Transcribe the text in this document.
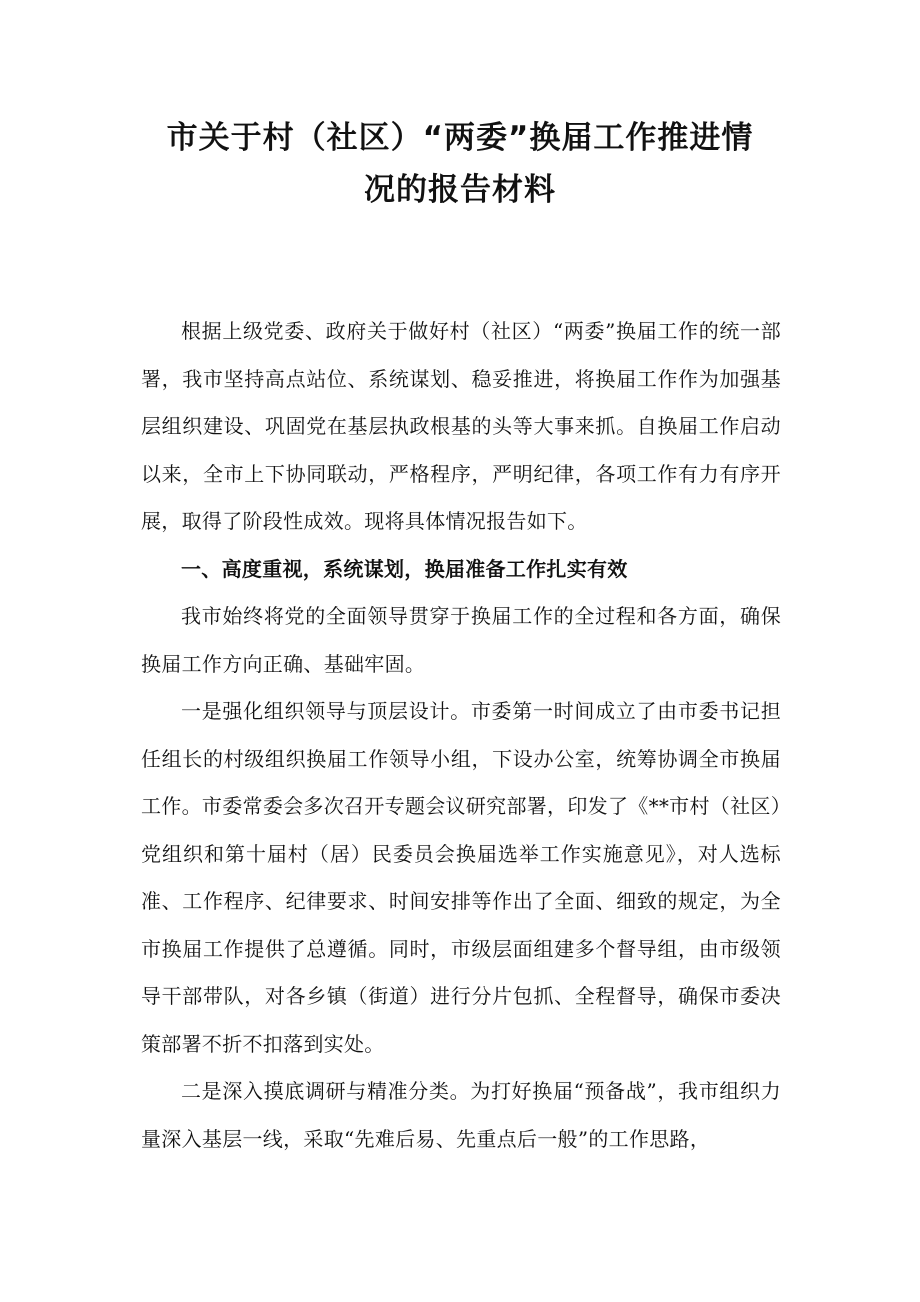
市关于村（社区）“两委”换届工作推进情
况的报告材料

根据上级党委、政府关于做好村（社区）“两委”换届工作的统一部署，我市坚持高点站位、系统谋划、稳妥推进，将换届工作作为加强基层组织建设、巩固党在基层执政根基的头等大事来抓。自换届工作启动以来，全市上下协同联动，严格程序，严明纪律，各项工作有力有序开展，取得了阶段性成效。现将具体情况报告如下。

一、高度重视，系统谋划，换届准备工作扎实有效

我市始终将党的全面领导贯穿于换届工作的全过程和各方面，确保换届工作方向正确、基础牢固。

一是强化组织领导与顶层设计。市委第一时间成立了由市委书记担任组长的村级组织换届工作领导小组，下设办公室，统筹协调全市换届工作。市委常委会多次召开专题会议研究部署，印发了《**市村（社区）党组织和第十届村（居）民委员会换届选举工作实施意见》，对人选标准、工作程序、纪律要求、时间安排等作出了全面、细致的规定，为全市换届工作提供了总遵循。同时，市级层面组建多个督导组，由市级领导干部带队，对各乡镇（街道）进行分片包抓、全程督导，确保市委决策部署不折不扣落到实处。

二是深入摸底调研与精准分类。为打好换届“预备战”，我市组织力量深入基层一线，采取“先难后易、先重点后一般”的工作思路，
